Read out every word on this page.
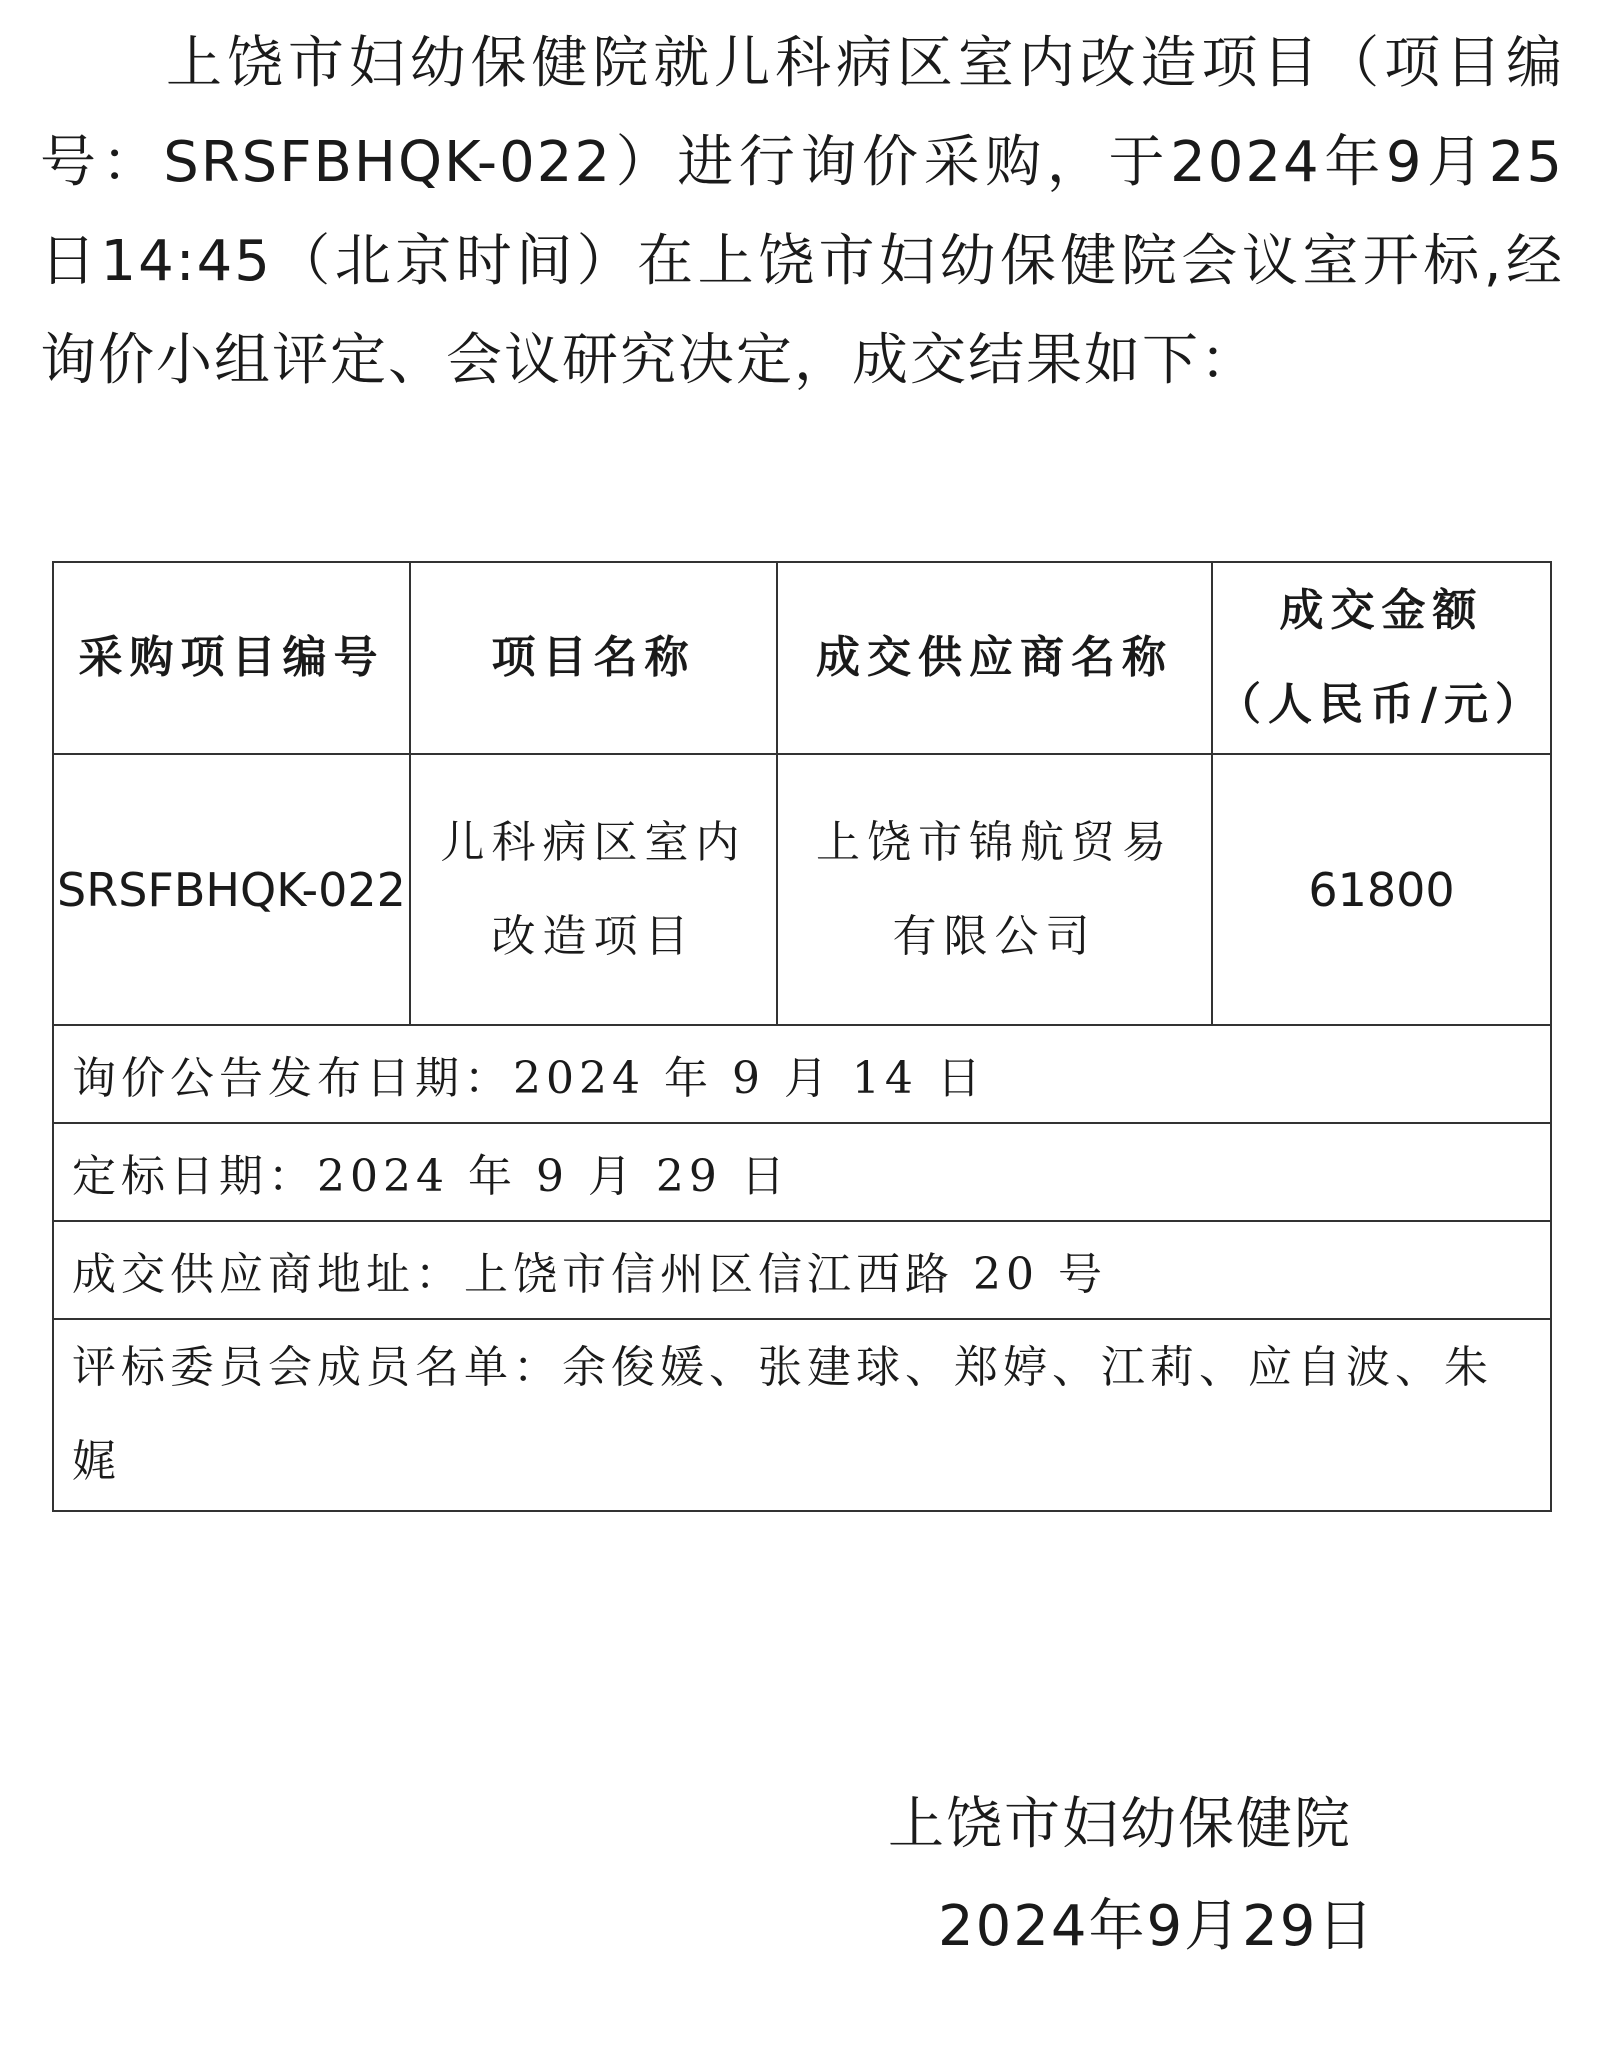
上饶市妇幼保健院就儿科病区室内改造项目（项目编号：SRSFBHQK-022）进行询价采购，于2024年9月25日14:45（北京时间）在上饶市妇幼保健院会议室开标,经询价小组评定、会议研究决定，成交结果如下：

采购项目编号	项目名称	成交供应商名称	成交金额
（人民币/元）

SRSFBHQK-022	儿科病区室内改造项目	上饶市锦航贸易有限公司	61800
询价公告发布日期：2024 年 9 月 14 日			
定标日期：2024 年 9 月 29 日			
成交供应商地址：上饶市信州区信江西路 20 号			
评标委员会成员名单：余俊媛、张建球、郑婷、江莉、应自波、朱娓			
上饶市妇幼保健院
2024年9月29日
